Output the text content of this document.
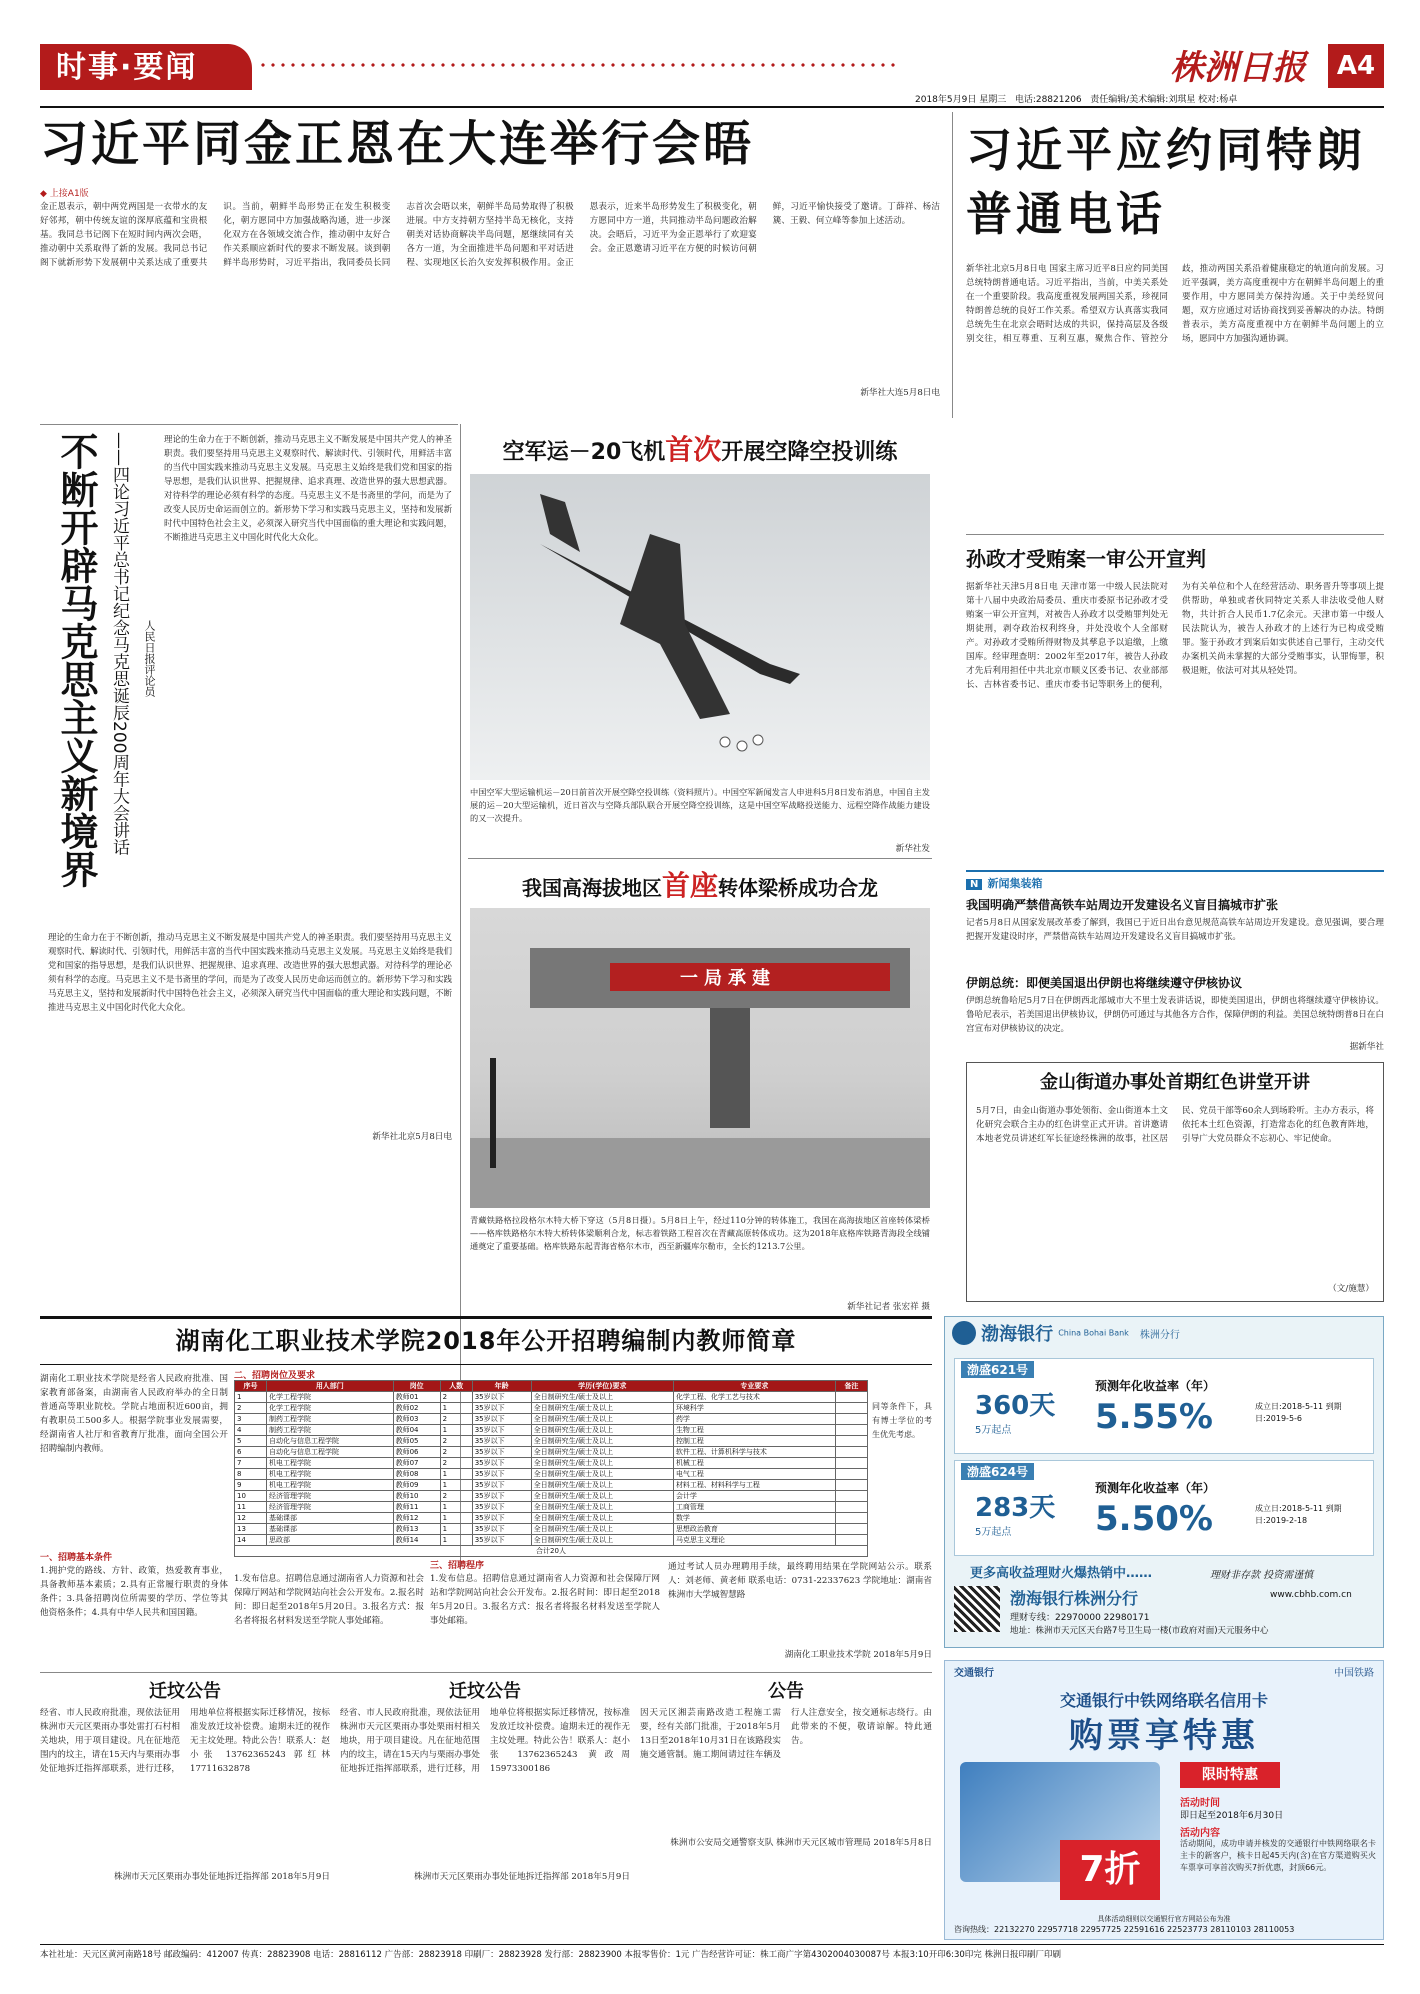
时事·要闻	株洲日报	A4
2018年5月9日 星期三 电话:28821206 责任编辑/美术编辑:刘琪星 校对:杨卓
习近平同金正恩在大连举行会晤
◆ 上接A1版
金正恩表示，朝中两党两国是一衣带水的友好邻邦，朝中传统友谊的深厚底蕴和宝贵根基。我同总书记阁下在短时间内两次会晤，推动朝中关系取得了新的发展。我同总书记阁下就新形势下发展朝中关系达成了重要共识。当前，朝鲜半岛形势正在发生积极变化，朝方愿同中方加强战略沟通，进一步深化双方在各领域交流合作，推动朝中友好合作关系顺应新时代的要求不断发展。谈到朝鲜半岛形势时，习近平指出，我同委员长同志首次会晤以来，朝鲜半岛局势取得了积极进展。中方支持朝方坚持半岛无核化，支持朝美对话协商解决半岛问题，愿继续同有关各方一道，为全面推进半岛问题和平对话进程、实现地区长治久安发挥积极作用。金正恩表示，近来半岛形势发生了积极变化，朝方愿同中方一道，共同推动半岛问题政治解决。会晤后，习近平为金正恩举行了欢迎宴会。金正恩邀请习近平在方便的时候访问朝鲜，习近平愉快接受了邀请。丁薛祥、杨洁篪、王毅、何立峰等参加上述活动。
新华社大连5月8日电
习近平应约同特朗普通电话
新华社北京5月8日电 国家主席习近平8日应约同美国总统特朗普通电话。习近平指出，当前，中美关系处在一个重要阶段。我高度重视发展两国关系，珍视同特朗普总统的良好工作关系。希望双方认真落实我同总统先生在北京会晤时达成的共识，保持高层及各级别交往，相互尊重、互利互惠，聚焦合作、管控分歧，推动两国关系沿着健康稳定的轨道向前发展。习近平强调，美方高度重视中方在朝鲜半岛问题上的重要作用，中方愿同美方保持沟通。关于中美经贸问题，双方应通过对话协商找到妥善解决的办法。特朗普表示，美方高度重视中方在朝鲜半岛问题上的立场，愿同中方加强沟通协调。
不断开辟马克思主义新境界 ——四论习近平总书记纪念马克思诞辰200周年大会讲话 人民日报评论员
理论的生命力在于不断创新，推动马克思主义不断发展是中国共产党人的神圣职责。我们要坚持用马克思主义观察时代、解读时代、引领时代，用鲜活丰富的当代中国实践来推动马克思主义发展。马克思主义始终是我们党和国家的指导思想，是我们认识世界、把握规律、追求真理、改造世界的强大思想武器。对待科学的理论必须有科学的态度。马克思主义不是书斋里的学问，而是为了改变人民历史命运而创立的。新形势下学习和实践马克思主义，坚持和发展新时代中国特色社会主义，必须深入研究当代中国面临的重大理论和实践问题，不断推进马克思主义中国化时代化大众化。
理论的生命力在于不断创新，推动马克思主义不断发展是中国共产党人的神圣职责。我们要坚持用马克思主义观察时代、解读时代、引领时代，用鲜活丰富的当代中国实践来推动马克思主义发展。马克思主义始终是我们党和国家的指导思想，是我们认识世界、把握规律、追求真理、改造世界的强大思想武器。对待科学的理论必须有科学的态度。马克思主义不是书斋里的学问，而是为了改变人民历史命运而创立的。新形势下学习和实践马克思主义，坚持和发展新时代中国特色社会主义，必须深入研究当代中国面临的重大理论和实践问题，不断推进马克思主义中国化时代化大众化。
新华社北京5月8日电
空军运－20飞机首次开展空降空投训练
中国空军大型运输机运－20日前首次开展空降空投训练（资料照片）。中国空军新闻发言人申进科5月8日发布消息，中国自主发展的运－20大型运输机，近日首次与空降兵部队联合开展空降空投训练，这是中国空军战略投送能力、远程空降作战能力建设的又一次提升。
新华社发
我国高海拔地区首座转体梁桥成功合龙
一局承建
青藏铁路格拉段格尔木特大桥下穿这（5月8日摄）。5月8日上午，经过110分钟的转体施工，我国在高海拔地区首座转体梁桥——格库铁路格尔木特大桥转体梁顺利合龙，标志着铁路工程首次在青藏高原转体成功。这为2018年底格库铁路青海段全线铺通奠定了重要基础。格库铁路东起青海省格尔木市，西至新疆库尔勒市，全长约1213.7公里。
新华社记者 张宏祥 摄
孙政才受贿案一审公开宣判
据新华社天津5月8日电 天津市第一中级人民法院对第十八届中央政治局委员、重庆市委原书记孙政才受贿案一审公开宣判，对被告人孙政才以受贿罪判处无期徒刑，剥夺政治权利终身，并处没收个人全部财产。对孙政才受贿所得财物及其孳息予以追缴，上缴国库。经审理查明：2002年至2017年，被告人孙政才先后利用担任中共北京市顺义区委书记、农业部部长、吉林省委书记、重庆市委书记等职务上的便利，为有关单位和个人在经营活动、职务晋升等事项上提供帮助，单独或者伙同特定关系人非法收受他人财物，共计折合人民币1.7亿余元。天津市第一中级人民法院认为，被告人孙政才的上述行为已构成受贿罪。鉴于孙政才到案后如实供述自己罪行，主动交代办案机关尚未掌握的大部分受贿事实，认罪悔罪，积极退赃，依法可对其从轻处罚。
N 新闻集装箱
我国明确严禁借高铁车站周边开发建设名义盲目搞城市扩张
记者5月8日从国家发展改革委了解到，我国已于近日出台意见规范高铁车站周边开发建设。意见强调，要合理把握开发建设时序，严禁借高铁车站周边开发建设名义盲目搞城市扩张。
伊朗总统：即便美国退出伊朗也将继续遵守伊核协议
伊朗总统鲁哈尼5月7日在伊朗西北部城市大不里士发表讲话说，即使美国退出，伊朗也将继续遵守伊核协议。鲁哈尼表示，若美国退出伊核协议，伊朗仍可通过与其他各方合作，保障伊朗的利益。美国总统特朗普8日在白宫宣布对伊核协议的决定。
据新华社
金山街道办事处首期红色讲堂开讲
5月7日，由金山街道办事处领衔、金山街道本土文化研究会联合主办的红色讲堂正式开讲。首讲邀请本地老党员讲述红军长征途经株洲的故事，社区居民、党员干部等60余人到场聆听。主办方表示，将依托本土红色资源，打造常态化的红色教育阵地，引导广大党员群众不忘初心、牢记使命。
（文/施慧）
湖南化工职业技术学院2018年公开招聘编制内教师简章
湖南化工职业技术学院是经省人民政府批准、国家教育部备案，由湖南省人民政府举办的全日制普通高等职业院校。学院占地面积近600亩，拥有教职员工500多人。根据学院事业发展需要，经湖南省人社厅和省教育厅批准，面向全国公开招聘编制内教师。
二、招聘岗位及要求
序号	用人部门	岗位	人数	年龄	学历(学位)要求	专业要求	备注
1	化学工程学院	教师01	2	35岁以下	全日制研究生/硕士及以上	化学工程、化学工艺与技术	
2	化学工程学院	教师02	1	35岁以下	全日制研究生/硕士及以上	环境科学	
3	制药工程学院	教师03	2	35岁以下	全日制研究生/硕士及以上	药学	
4	制药工程学院	教师04	1	35岁以下	全日制研究生/硕士及以上	生物工程	
5	自动化与信息工程学院	教师05	2	35岁以下	全日制研究生/硕士及以上	控制工程	
6	自动化与信息工程学院	教师06	2	35岁以下	全日制研究生/硕士及以上	软件工程、计算机科学与技术	
7	机电工程学院	教师07	2	35岁以下	全日制研究生/硕士及以上	机械工程	
8	机电工程学院	教师08	1	35岁以下	全日制研究生/硕士及以上	电气工程	
9	机电工程学院	教师09	1	35岁以下	全日制研究生/硕士及以上	材料工程、材料科学与工程	
10	经济管理学院	教师10	2	35岁以下	全日制研究生/硕士及以上	会计学	
11	经济管理学院	教师11	1	35岁以下	全日制研究生/硕士及以上	工商管理	
12	基础课部	教师12	1	35岁以下	全日制研究生/硕士及以上	数学	
13	基础课部	教师13	1	35岁以下	全日制研究生/硕士及以上	思想政治教育	
14	思政部	教师14	1	35岁以下	全日制研究生/硕士及以上	马克思主义理论	
合计20人							
同等条件下，具有博士学位的考生优先考虑。
一、招聘基本条件
1.拥护党的路线、方针、政策，热爱教育事业，具备教师基本素质；2.具有正常履行职责的身体条件；3.具备招聘岗位所需要的学历、学位等其他资格条件；4.具有中华人民共和国国籍。
1.发布信息。招聘信息通过湖南省人力资源和社会保障厅网站和学院网站向社会公开发布。2.报名时间：即日起至2018年5月20日。3.报名方式：报名者将报名材料发送至学院人事处邮箱。
三、招聘程序
1.发布信息。招聘信息通过湖南省人力资源和社会保障厅网站和学院网站向社会公开发布。2.报名时间：即日起至2018年5月20日。3.报名方式：报名者将报名材料发送至学院人事处邮箱。
通过考试人员办理聘用手续，最终聘用结果在学院网站公示。联系人：刘老师、黄老师 联系电话：0731-22337623 学院地址：湖南省株洲市大学城智慧路
湖南化工职业技术学院 2018年5月9日
迁坟公告
经省、市人民政府批准，现依法征用株洲市天元区栗雨办事处雷打石村相关地块，用于项目建设。凡在征地范围内的坟主，请在15天内与栗雨办事处征地拆迁指挥部联系，进行迁移，用地单位将根据实际迁移情况，按标准发放迁坟补偿费。逾期未迁的视作无主坟处理。特此公告！联系人：赵小张 13762365243 郭红林 17711632878
株洲市天元区栗雨办事处征地拆迁指挥部 2018年5月9日
迁坟公告
经省、市人民政府批准，现依法征用株洲市天元区栗雨办事处栗雨村相关地块，用于项目建设。凡在征地范围内的坟主，请在15天内与栗雨办事处征地拆迁指挥部联系，进行迁移，用地单位将根据实际迁移情况，按标准发放迁坟补偿费。逾期未迁的视作无主坟处理。特此公告！联系人：赵小张 13762365243 黄政周 15973300186
株洲市天元区栗雨办事处征地拆迁指挥部 2018年5月9日
公告
因天元区湘芸南路改造工程施工需要，经有关部门批准，于2018年5月13日至2018年10月31日在该路段实施交通管制。施工期间请过往车辆及行人注意安全，按交通标志绕行。由此带来的不便，敬请谅解。特此通告。
株洲市公安局交通警察支队 株洲市天元区城市管理局 2018年5月8日
渤海银行 China Bohai Bank 株洲分行
渤盛621号
360天
5万起点
预测年化收益率（年）
5.55%	成立日:2018-5-11 到期日:2019-5-6
渤盛624号
283天
5万起点
预测年化收益率（年）
5.50%	成立日:2018-5-11 到期日:2019-2-18
更多高收益理财火爆热销中……	理财非存款 投资需谨慎
渤海银行株洲分行	www.cbhb.com.cn
理财专线：22970000 22980171
地址：株洲市天元区天台路7号卫生局一楼(市政府对面)天元服务中心
交通银行	中国铁路
交通银行中铁网络联名信用卡
购票享特惠
7折
限时特惠
活动时间
即日起至2018年6月30日
活动内容
活动期间，成功申请并核发的交通银行中铁网络联名卡主卡的新客户，核卡日起45天内(含)在官方渠道购买火车票享可享首次购买7折优惠，封顶66元。
具体活动细则以交通银行官方网站公布为准
咨询热线：22132270 22957718 22957725 22591616 22523773 28110103 28110053
本社社址：天元区黄河南路18号 邮政编码：412007 传真：28823908 电话：28816112 广告部：28823918 印刷厂：28823928 发行部：28823900 本报零售价：1元 广告经营许可证：株工商广字第4302004030087号 本报3:10开印6:30印完 株洲日报印刷厂印刷
